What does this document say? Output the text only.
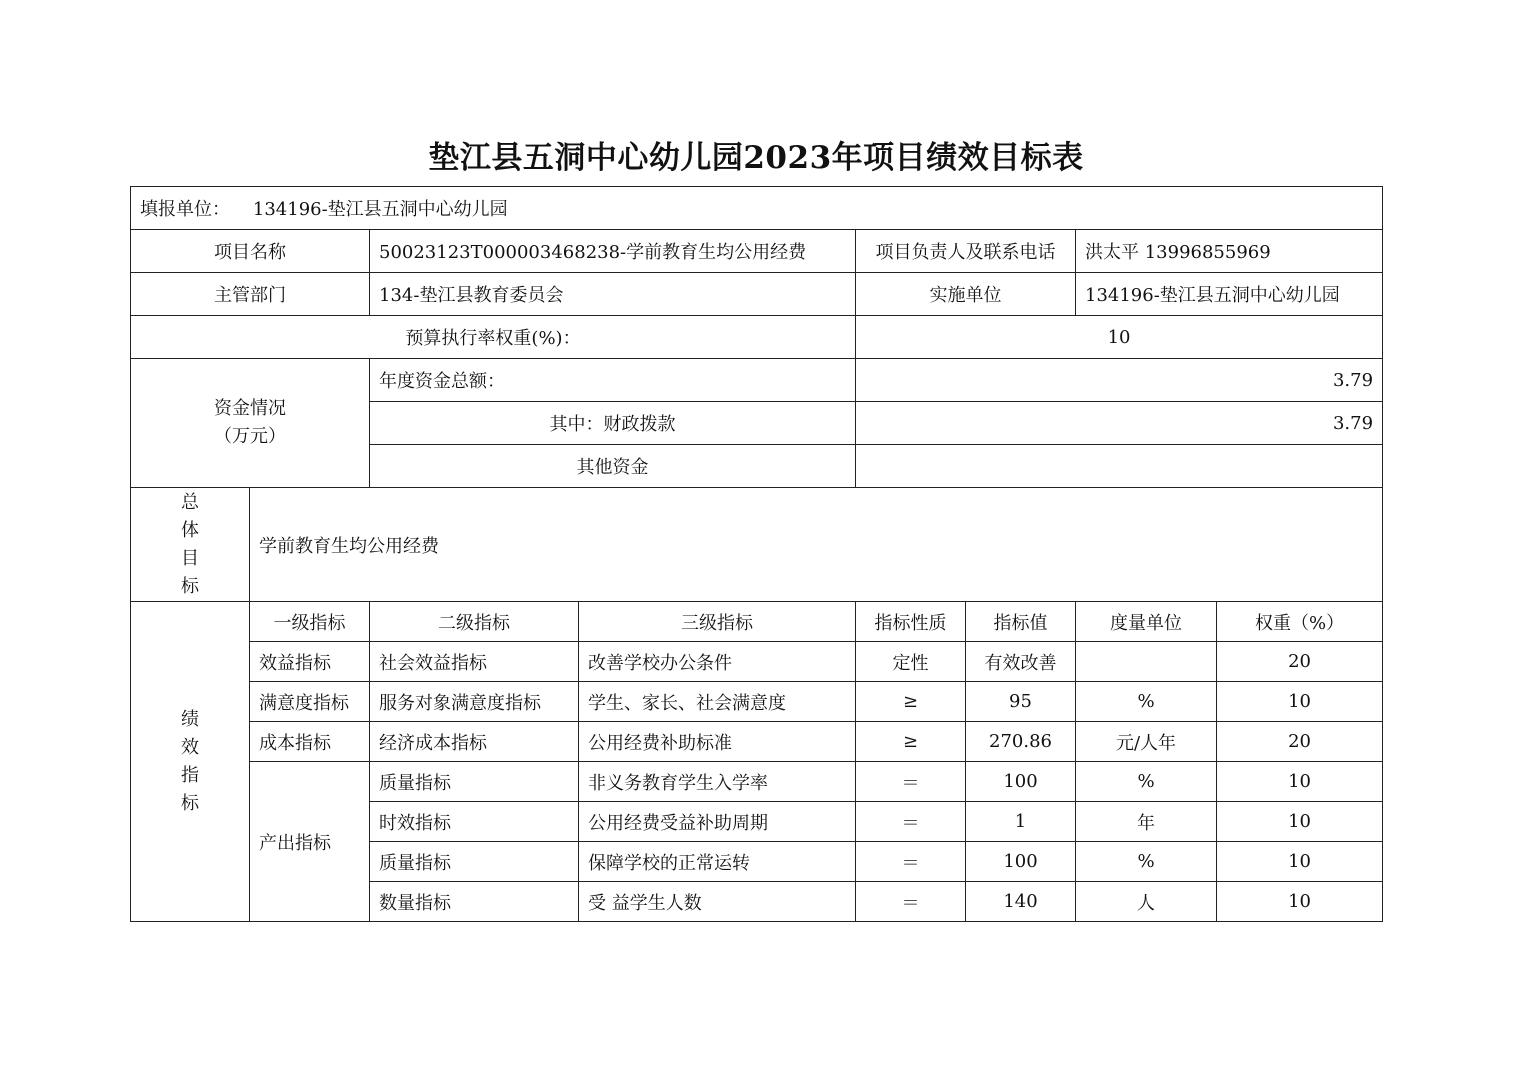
垫江县五洞中心幼儿园2023年项目绩效目标表
填报单位： 134196-垫江县五洞中心幼儿园							
项目名称		50023123T000003468238-学前教育生均公用经费		项目负责人及联系电话		洪太平 13996855969	
主管部门		134-垫江县教育委员会		实施单位		134196-垫江县五洞中心幼儿园	
预算执行率权重(%)：				10			
资金情况
（万元）		年度资金总额：		3.79			
		其中：财政拨款		3.79			
		其他资金					
总
体
目
标	学前教育生均公用经费						
绩
效
指
标	一级指标	二级指标	三级指标	指标性质	指标值	度量单位	权重（%）
	效益指标	社会效益指标	改善学校办公条件	定性	有效改善		20
	满意度指标	服务对象满意度指标	学生、家长、社会满意度	≥	95	%	10
	成本指标	经济成本指标	公用经费补助标准	≥	270.86	元/人年	20
	产出指标	质量指标	非义务教育学生入学率	＝	100	%	10
		时效指标	公用经费受益补助周期	＝	1	年	10
		质量指标	保障学校的正常运转	＝	100	%	10
		数量指标	受 益学生人数	＝	140	人	10
